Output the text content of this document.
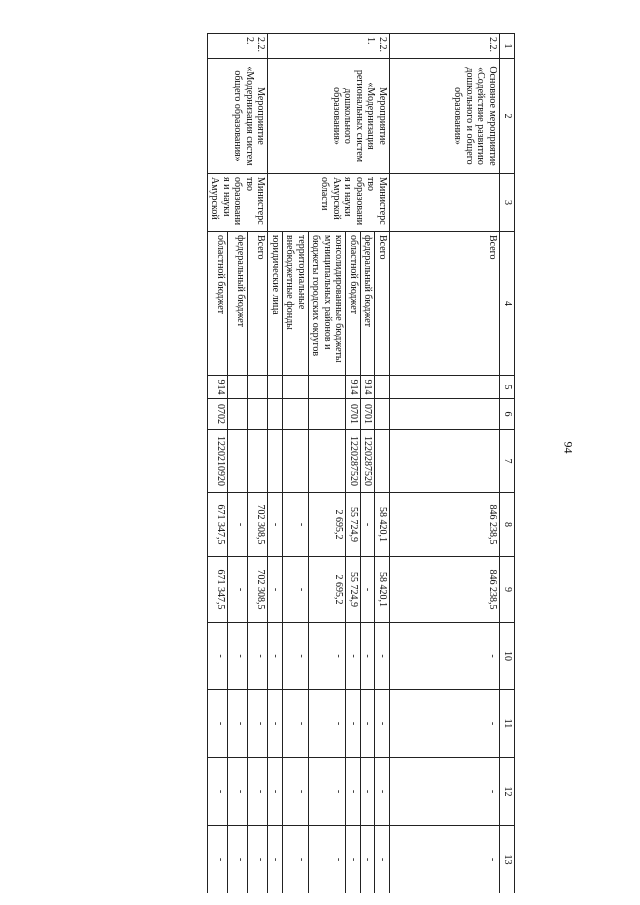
94
1	2	3	4	5	6	7	8	9	10	11	12	13
2.2.	Основное мероприятие «Содействие развитию дошкольного и общего образования»		Всего				846 238,5	846 238,5	-	-	-	-
2.2.1.	Мероприятие «Модернизация региональных систем дошкольного образования»	Министерство образования и науки Амурской области	Всего				58 420,1	58 420,1	-	-	-	-
			федеральный бюджет	914	0701	1220287520	-	-	-	-	-	-
			областной бюджет	914	0701	1220287520	55 724,9	55 724,9	-	-	-	-
			консолидированные бюджеты муниципальных районов и бюджеты городских округов				2 695,2	2 695,2	-	-	-	-
			территориальные внебюджетные фонды				-	-	-	-	-	-
			юридические лица				-	-	-	-	-	-
2.2.2.	Мероприятие «Модернизация систем общего образования»	Министерство образования и науки Амурской	Всего				702 308,5	702 308,5	-	-	-	-
			федеральный бюджет				-	-	-	-	-	-
			областной бюджет	914	0702	1220210920	671 347,5	671 347,5	-	-	-	-
